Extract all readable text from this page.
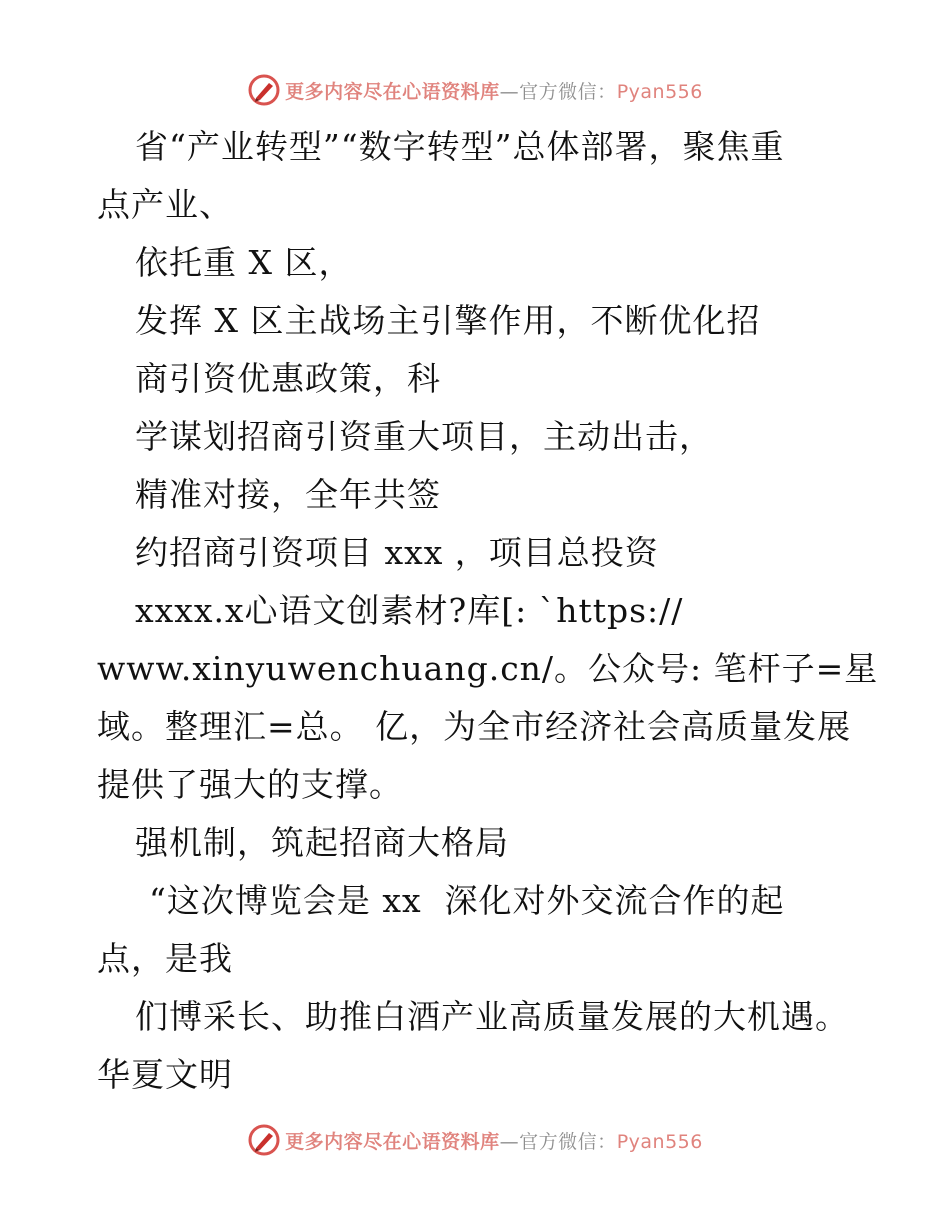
更多内容尽在心语资料库—官方微信：Pyan556
省“产业转型”“数字转型”总体部署，聚焦重
点产业、
依托重 X 区，
发挥 X 区主战场主引擎作用，不断优化招
商引资优惠政策，科
学谋划招商引资重大项目，主动出击，
精准对接，全年共签
约招商引资项目 xxx ，项目总投资
xxxx.x心语文创素材?库[: `https://
www.xinyuwenchuang.cn/。公众号: 笔杆子=星
域。整理汇=总。 亿，为全市经济社会高质量发展
提供了强大的支撑。
强机制，筑起招商大格局
“这次博览会是 xx  深化对外交流合作的起
点，是我
们博采长、助推白酒产业高质量发展的大机遇。
华夏文明
更多内容尽在心语资料库—官方微信：Pyan556
